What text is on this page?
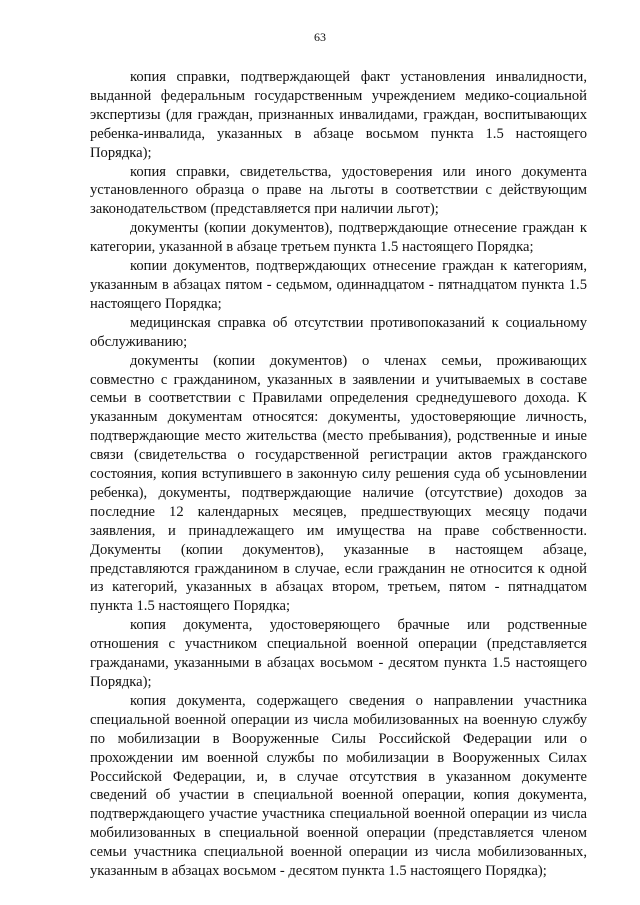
63

копия справки, подтверждающей факт установления инвалидности, выданной федеральным государственным учреждением медико-социальной экспертизы (для граждан, признанных инвалидами, граждан, воспитывающих ребенка-инвалида, указанных в абзаце восьмом пункта 1.5 настоящего Порядка);

копия справки, свидетельства, удостоверения или иного документа установленного образца о праве на льготы в соответствии с действующим законодательством (представляется при наличии льгот);

документы (копии документов), подтверждающие отнесение граждан к категории, указанной в абзаце третьем пункта 1.5 настоящего Порядка;

копии документов, подтверждающих отнесение граждан к категориям, указанным в абзацах пятом - седьмом, одиннадцатом - пятнадцатом пункта 1.5 настоящего Порядка;

медицинская справка об отсутствии противопоказаний к социальному обслуживанию;

документы (копии документов) о членах семьи, проживающих совместно с гражданином, указанных в заявлении и учитываемых в составе семьи в соответствии с Правилами определения среднедушевого дохода. К указанным документам относятся: документы, удостоверяющие личность, подтверждающие место жительства (место пребывания), родственные и иные связи (свидетельства о государственной регистрации актов гражданского состояния, копия вступившего в законную силу решения суда об усыновлении ребенка), документы, подтверждающие наличие (отсутствие) доходов за последние 12 календарных месяцев, предшествующих месяцу подачи заявления, и принадлежащего им имущества на праве собственности. Документы (копии документов), указанные в настоящем абзаце, представляются гражданином в случае, если гражданин не относится к одной из категорий, указанных в абзацах втором, третьем, пятом - пятнадцатом пункта 1.5 настоящего Порядка;

копия документа, удостоверяющего брачные или родственные отношения с участником специальной военной операции (представляется гражданами, указанными в абзацах восьмом - десятом пункта 1.5 настоящего Порядка);

копия документа, содержащего сведения о направлении участника специальной военной операции из числа мобилизованных на военную службу по мобилизации в Вооруженные Силы Российской Федерации или о прохождении им военной службы по мобилизации в Вооруженных Силах Российской Федерации, и, в случае отсутствия в указанном документе сведений об участии в специальной военной операции, копия документа, подтверждающего участие участника специальной военной операции из числа мобилизованных в специальной военной операции (представляется членом семьи участника специальной военной операции из числа мобилизованных, указанным в абзацах восьмом - десятом пункта 1.5 настоящего Порядка);
